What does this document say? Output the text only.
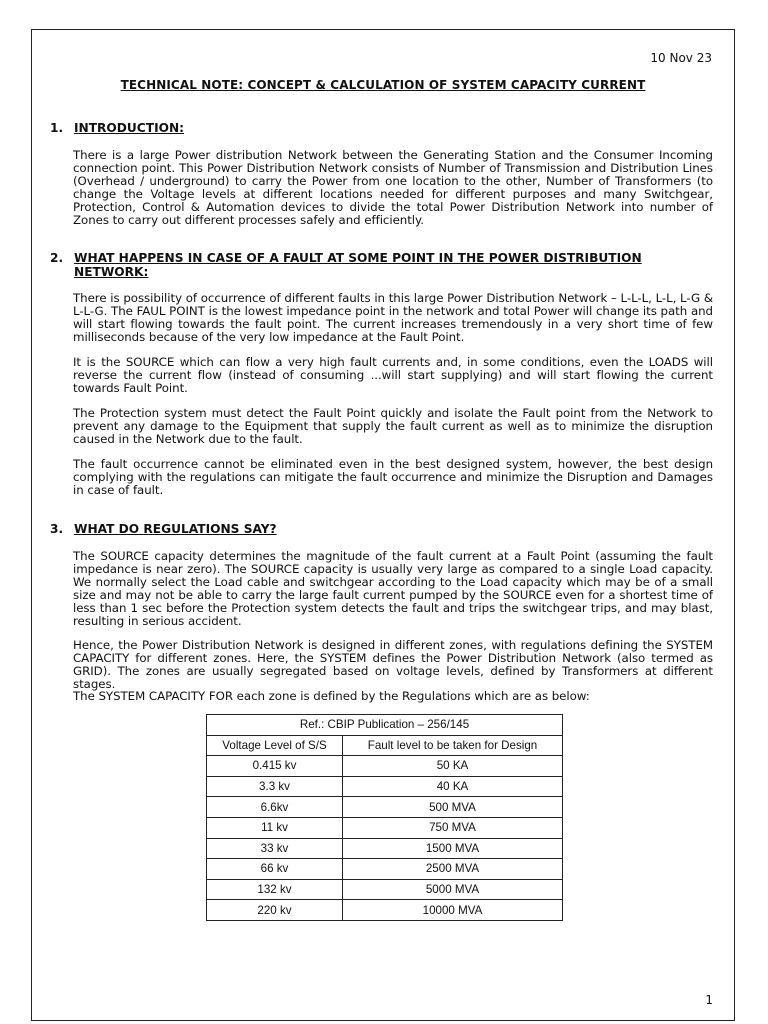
10 Nov 23
TECHNICAL NOTE: CONCEPT & CALCULATION OF SYSTEM CAPACITY CURRENT
1. INTRODUCTION:

There is a large Power distribution Network between the Generating Station and the Consumer Incoming connection point. This Power Distribution Network consists of Number of Transmission and Distribution Lines (Overhead / underground) to carry the Power from one location to the other, Number of Transformers (to change the Voltage levels at different locations needed for different purposes and many Switchgear, Protection, Control & Automation devices to divide the total Power Distribution Network into number of Zones to carry out different processes safely and efficiently.

2. WHAT HAPPENS IN CASE OF A FAULT AT SOME POINT IN THE POWER DISTRIBUTION NETWORK:

There is possibility of occurrence of different faults in this large Power Distribution Network – L-L-L, L-L, L-G & L-L-G. The FAUL POINT is the lowest impedance point in the network and total Power will change its path and will start flowing towards the fault point. The current increases tremendously in a very short time of few milliseconds because of the very low impedance at the Fault Point.

It is the SOURCE which can flow a very high fault currents and, in some conditions, even the LOADS will reverse the current flow (instead of consuming ...will start supplying) and will start flowing the current towards Fault Point.

The Protection system must detect the Fault Point quickly and isolate the Fault point from the Network to prevent any damage to the Equipment that supply the fault current as well as to minimize the disruption caused in the Network due to the fault.

The fault occurrence cannot be eliminated even in the best designed system, however, the best design complying with the regulations can mitigate the fault occurrence and minimize the Disruption and Damages in case of fault.

3. WHAT DO REGULATIONS SAY?

The SOURCE capacity determines the magnitude of the fault current at a Fault Point (assuming the fault impedance is near zero). The SOURCE capacity is usually very large as compared to a single Load capacity. We normally select the Load cable and switchgear according to the Load capacity which may be of a small size and may not be able to carry the large fault current pumped by the SOURCE even for a shortest time of less than 1 sec before the Protection system detects the fault and trips the switchgear trips, and may blast, resulting in serious accident.

Hence, the Power Distribution Network is designed in different zones, with regulations defining the SYSTEM CAPACITY for different zones. Here, the SYSTEM defines the Power Distribution Network (also termed as GRID). The zones are usually segregated based on voltage levels, defined by Transformers at different stages.

The SYSTEM CAPACITY FOR each zone is defined by the Regulations which are as below:

Ref.: CBIP Publication – 256/145	
Voltage Level of S/S	Fault level to be taken for Design
0.415 kv	50 KA
3.3 kv	40 KA
6.6kv	500 MVA
11 kv	750 MVA
33 kv	1500 MVA
66 kv	2500 MVA
132 kv	5000 MVA
220 kv	10000 MVA
1
